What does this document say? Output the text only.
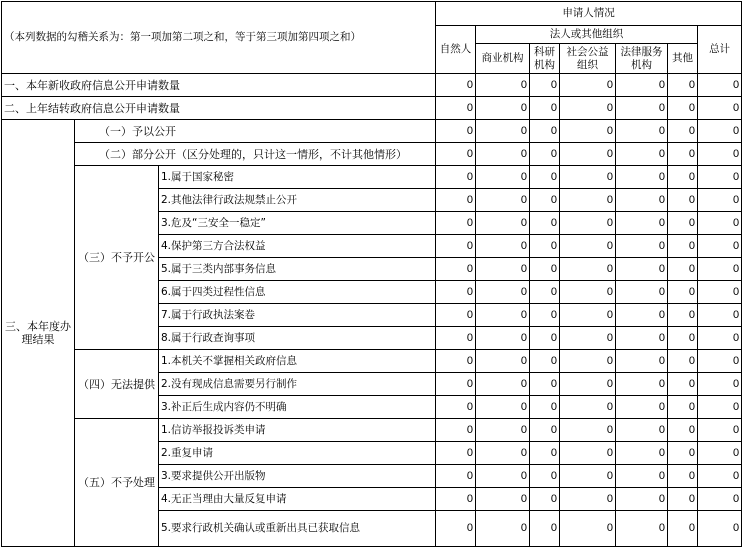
（本列数据的勾稽关系为：第一项加第二项之和，等于第三项加第四项之和）			申请人情况						
			自然人	法人或其他组织					总计
				商业机构	科研机构	社会公益组织	法律服务机构	其他	
一、本年新收政府信息公开申请数量			0	0	0	0	0	0	0
二、上年结转政府信息公开申请数量			0	0	0	0	0	0	0
三、本年度办理结果	（一）予以公开		0	0	0	0	0	0	0
	（二）部分公开（区分处理的，只计这一情形，不计其他情形）		0	0	0	0	0	0	0
	（三）不予开公	1.属于国家秘密	0	0	0	0	0	0	0
		2.其他法律行政法规禁止公开	0	0	0	0	0	0	0
		3.危及“三安全一稳定”	0	0	0	0	0	0	0
		4.保护第三方合法权益	0	0	0	0	0	0	0
		5.属于三类内部事务信息	0	0	0	0	0	0	0
		6.属于四类过程性信息	0	0	0	0	0	0	0
		7.属于行政执法案卷	0	0	0	0	0	0	0
		8.属于行政查询事项	0	0	0	0	0	0	0
	（四）无法提供	1.本机关不掌握相关政府信息	0	0	0	0	0	0	0
		2.没有现成信息需要另行制作	0	0	0	0	0	0	0
		3.补正后生成内容仍不明确	0	0	0	0	0	0	0
	（五）不予处理	1.信访举报投诉类申请	0	0	0	0	0	0	0
		2.重复申请	0	0	0	0	0	0	0
		3.要求提供公开出版物	0	0	0	0	0	0	0
		4.无正当理由大量反复申请	0	0	0	0	0	0	0
		5.要求行政机关确认或重新出具已获取信息	0	0	0	0	0	0	0
